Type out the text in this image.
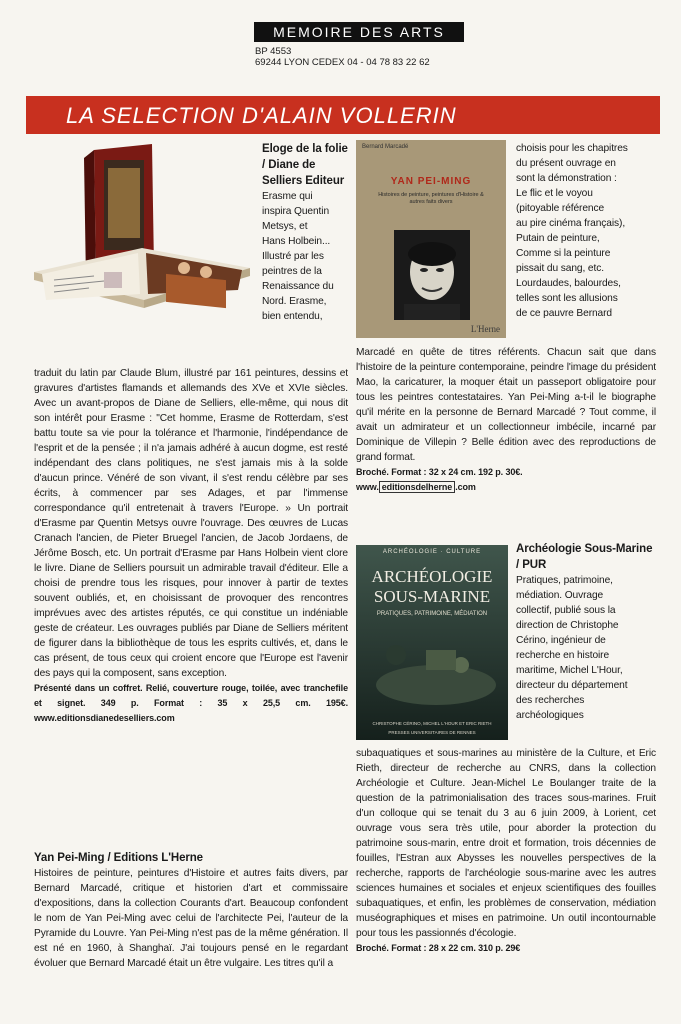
MEMOIRE DES ARTS
BP 4553
69244 LYON CEDEX 04 - 04 78 83 22 62
LA SELECTION D'ALAIN VOLLERIN

Eloge de la folie / Diane de Selliers Editeur

Erasme qui
inspira Quentin
Metsys, et
Hans Holbein...
Illustré par les
peintres de la
Renaissance du
Nord. Erasme,
bien entendu,

traduit du latin par Claude Blum, illustré par 161 peintures, dessins et gravures d'artistes flamands et allemands des XVe et XVIe siècles. Avec un avant-propos de Diane de Selliers, elle-même, qui nous dit son intérêt pour Erasme : "Cet homme, Erasme de Rotterdam, s'est battu toute sa vie pour la tolérance et l'harmonie, l'indépendance de l'esprit et de la pensée ; il n'a jamais adhéré à aucun dogme, est resté indépendant des clans politiques, ne s'est jamais mis à la solde d'aucun prince. Vénéré de son vivant, il s'est rendu célèbre par ses écrits, à commencer par ses Adages, et par l'immense correspondance qu'il entretenait à travers l'Europe. » Un portrait d'Erasme par Quentin Metsys ouvre l'ouvrage. Des œuvres de Lucas Cranach l'ancien, de Pieter Bruegel l'ancien, de Jacob Jordaens, de Jérôme Bosch, etc. Un portrait d'Erasme par Hans Holbein vient clore le livre. Diane de Selliers poursuit un admirable travail d'éditeur. Elle a choisi de prendre tous les risques, pour innover à partir de textes souvent oubliés, et, en choisissant de provoquer des rencontres imprévues avec des artistes réputés, ce qui constitue un indéniable geste de créateur. Les ouvrages publiés par Diane de Selliers méritent de figurer dans la bibliothèque de tous les esprits cultivés, et, dans le cas présent, de tous ceux qui croient encore que l'Europe est l'avenir des pays qui la composent, sans exception.

Présenté dans un coffret. Relié, couverture rouge, toilée, avec tranchefile et signet. 349 p. Format : 35 x 25,5 cm. 195€. www.editionsdianedeselliers.com

Yan Pei-Ming / Editions L'Herne

Histoires de peinture, peintures d'Histoire et autres faits divers, par Bernard Marcadé, critique et historien d'art et commissaire d'expositions, dans la collection Courants d'art. Beaucoup confondent le nom de Yan Pei-Ming avec celui de l'architecte Pei, l'auteur de la Pyramide du Louvre. Yan Pei-Ming n'est pas de la même génération. Il est né en 1960, à Shanghaï. J'ai toujours pensé en le regardant évoluer que Bernard Marcadé était un être vulgaire. Les titres qu'il a

Bernard Marcadé
YAN PEI-MING
Histoires de peinture, peintures d'Histoire & autres faits divers
L'Herne
choisis pour les chapitres
du présent ouvrage en
sont la démonstration :
Le flic et le voyou
(pitoyable référence
au pire cinéma français),
Putain de peinture,
Comme si la peinture
pissait du sang, etc.
Lourdaudes, balourdes,
telles sont les allusions
de ce pauvre Bernard

Marcadé en quête de titres référents. Chacun sait que dans l'histoire de la peinture contemporaine, peindre l'image du président Mao, la caricaturer, la moquer était un passeport obligatoire pour tous les peintres contestataires. Yan Pei-Ming a-t-il le biographe qu'il mérite en la personne de Bernard Marcadé ? Tout comme, il avait un admirateur et un collectionneur imbécile, incarné par Dominique de Villepin ? Belle édition avec des reproductions de grand format.

Broché. Format : 32 x 24 cm. 192 p. 30€.

www. editionsdelherne .com

ARCHÉOLOGIE · CULTURE
ARCHÉOLOGIE
SOUS-MARINE
PRATIQUES, PATRIMOINE, MÉDIATION
CHRISTOPHE CÉRINO, MICHEL L'HOUR ET ERIC RIETH
PRESSES UNIVERSITAIRES DE RENNES

Archéologie Sous-Marine / PUR

Pratiques, patrimoine,
médiation. Ouvrage
collectif, publié sous la
direction de Christophe
Cérino, ingénieur de
recherche en histoire
maritime, Michel L'Hour,
directeur du département
des recherches
archéologiques

subaquatiques et sous-marines au ministère de la Culture, et Eric Rieth, directeur de recherche au CNRS, dans la collection Archéologie et Culture. Jean-Michel Le Boulanger traite de la question de la patrimonialisation des traces sous-marines. Fruit d'un colloque qui se tenait du 3 au 6 juin 2009, à Lorient, cet ouvrage vous sera très utile, pour aborder la protection du patrimoine sous-marin, entre droit et formation, trois décennies de fouilles, l'Estran aux Abysses les nouvelles perspectives de la recherche, rapports de l'archéologie sous-marine avec les autres sciences humaines et sociales et enjeux scientifiques des fouilles subaquatiques, et enfin, les problèmes de conservation, médiation muséographiques et mises en patrimoine. Un outil incontournable pour tous les passionnés d'écologie.

Broché. Format : 28 x 22 cm. 310 p. 29€
